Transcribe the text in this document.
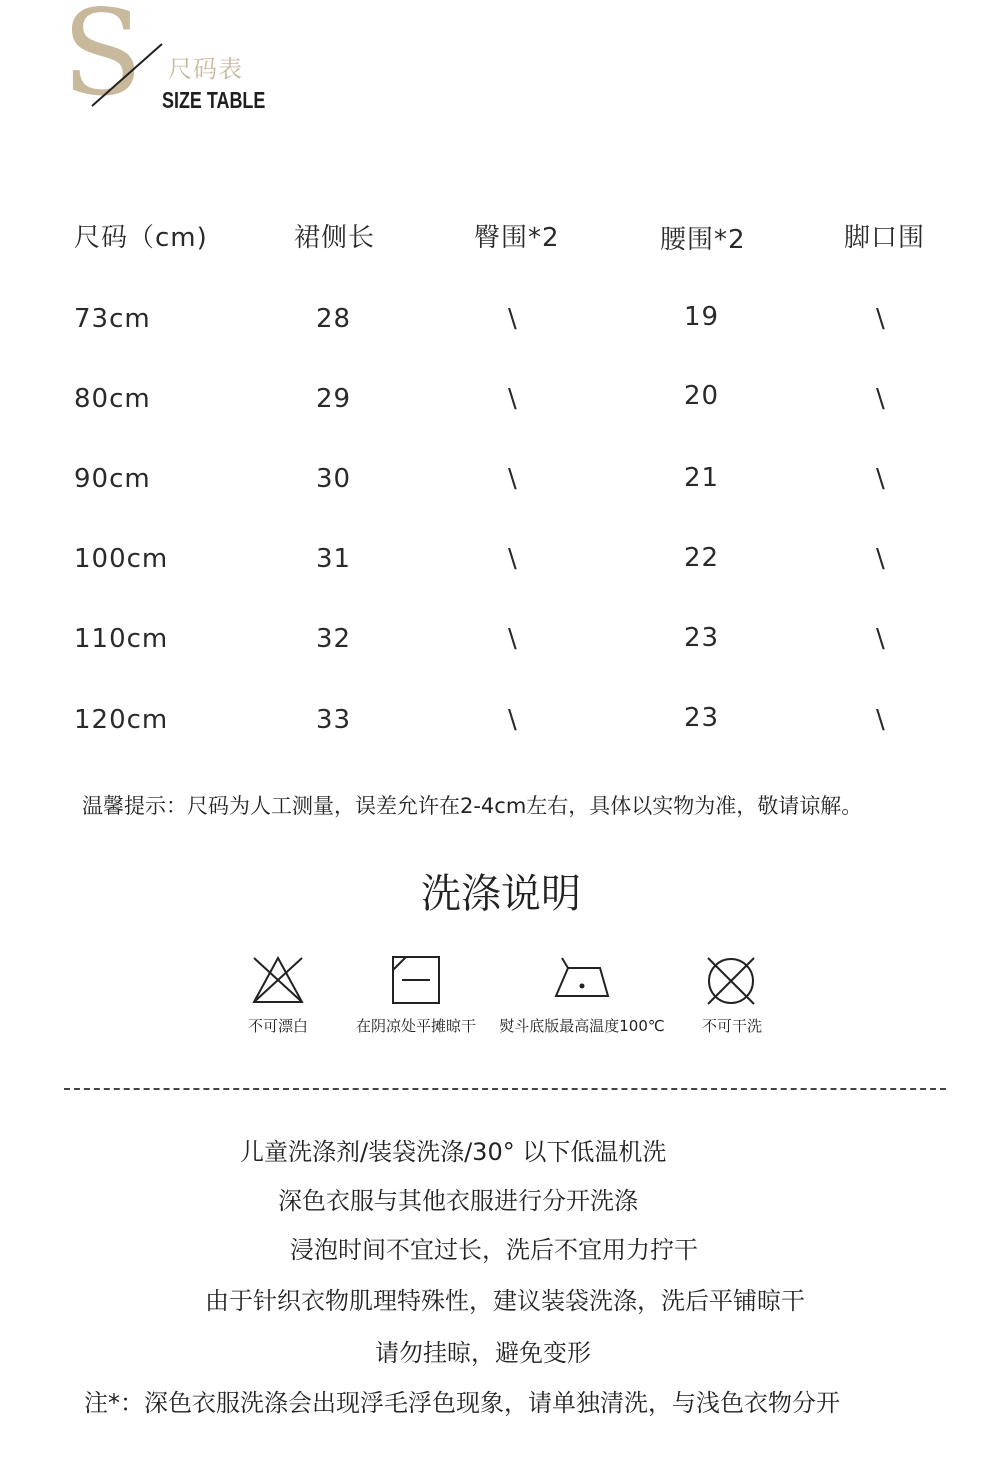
S 尺码表
SIZE TABLE
尺码（cm)	裙侧长	臀围*2	腰围*2	脚口围
73cm	28	\	19	\
80cm	29	\	20	\
90cm	30	\	21	\
100cm	31	\	22	\
110cm	32	\	23	\
120cm	33	\	23	\
温馨提示：尺码为人工测量，误差允许在2-4cm左右，具体以实物为准，敬请谅解。
洗涤说明
不可漂白	在阴凉处平摊晾干	熨斗底版最高温度100℃	不可干洗
儿童洗涤剂/装袋洗涤/30° 以下低温机洗
深色衣服与其他衣服进行分开洗涤
浸泡时间不宜过长，洗后不宜用力拧干
由于针织衣物肌理特殊性，建议装袋洗涤，洗后平铺晾干
请勿挂晾，避免变形
注*：深色衣服洗涤会出现浮毛浮色现象，请单独清洗，与浅色衣物分开
